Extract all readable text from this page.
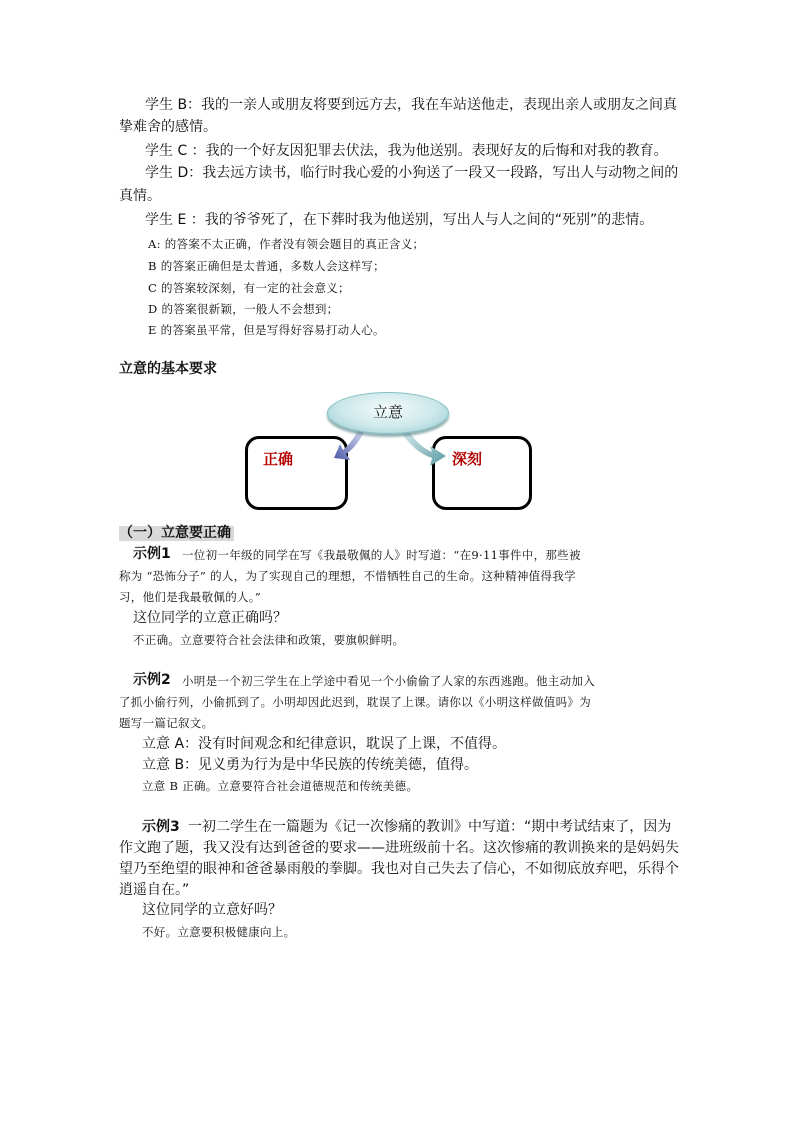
学生 B：我的一亲人或朋友将要到远方去，我在车站送他走，表现出亲人或朋友之间真
挚难舍的感情。
学生 C ：我的一个好友因犯罪去伏法，我为他送别。表现好友的后悔和对我的教育。
学生 D：我去远方读书，临行时我心爱的小狗送了一段又一段路，写出人与动物之间的
真情。
学生 E ：我的爷爷死了，在下葬时我为他送别，写出人与人之间的“死别”的悲情。
A: 的答案不太正确，作者没有领会题目的真正含义；
B 的答案正确但是太普通，多数人会这样写；
C 的答案较深刻，有一定的社会意义；
D 的答案很新颖，一般人不会想到；
E 的答案虽平常，但是写得好容易打动人心。
立意的基本要求
立意
正确	深刻
（一）立意要正确
示例1 一位初一年级的同学在写《我最敬佩的人》时写道：“在9·11事件中，那些被
称为 “恐怖分子” 的人，为了实现自己的理想，不惜牺牲自己的生命。这种精神值得我学
习，他们是我最敬佩的人。”
这位同学的立意正确吗？
不正确。立意要符合社会法律和政策，要旗帜鲜明。
示例2 小明是一个初三学生在上学途中看见一个小偷偷了人家的东西逃跑。他主动加入
了抓小偷行列，小偷抓到了。小明却因此迟到，耽误了上课。请你以《小明这样做值吗》为
题写一篇记叙文。
立意 A：没有时间观念和纪律意识，耽误了上课，不值得。
立意 B：见义勇为行为是中华民族的传统美德，值得。
立意 B 正确。立意要符合社会道德规范和传统美德。
示例3 一初二学生在一篇题为《记一次惨痛的教训》中写道：“期中考试结束了，因为
作文跑了题，我又没有达到爸爸的要求——进班级前十名。这次惨痛的教训换来的是妈妈失
望乃至绝望的眼神和爸爸暴雨般的拳脚。我也对自己失去了信心，不如彻底放弃吧，乐得个
逍遥自在。”
这位同学的立意好吗？
不好。立意要积极健康向上。
